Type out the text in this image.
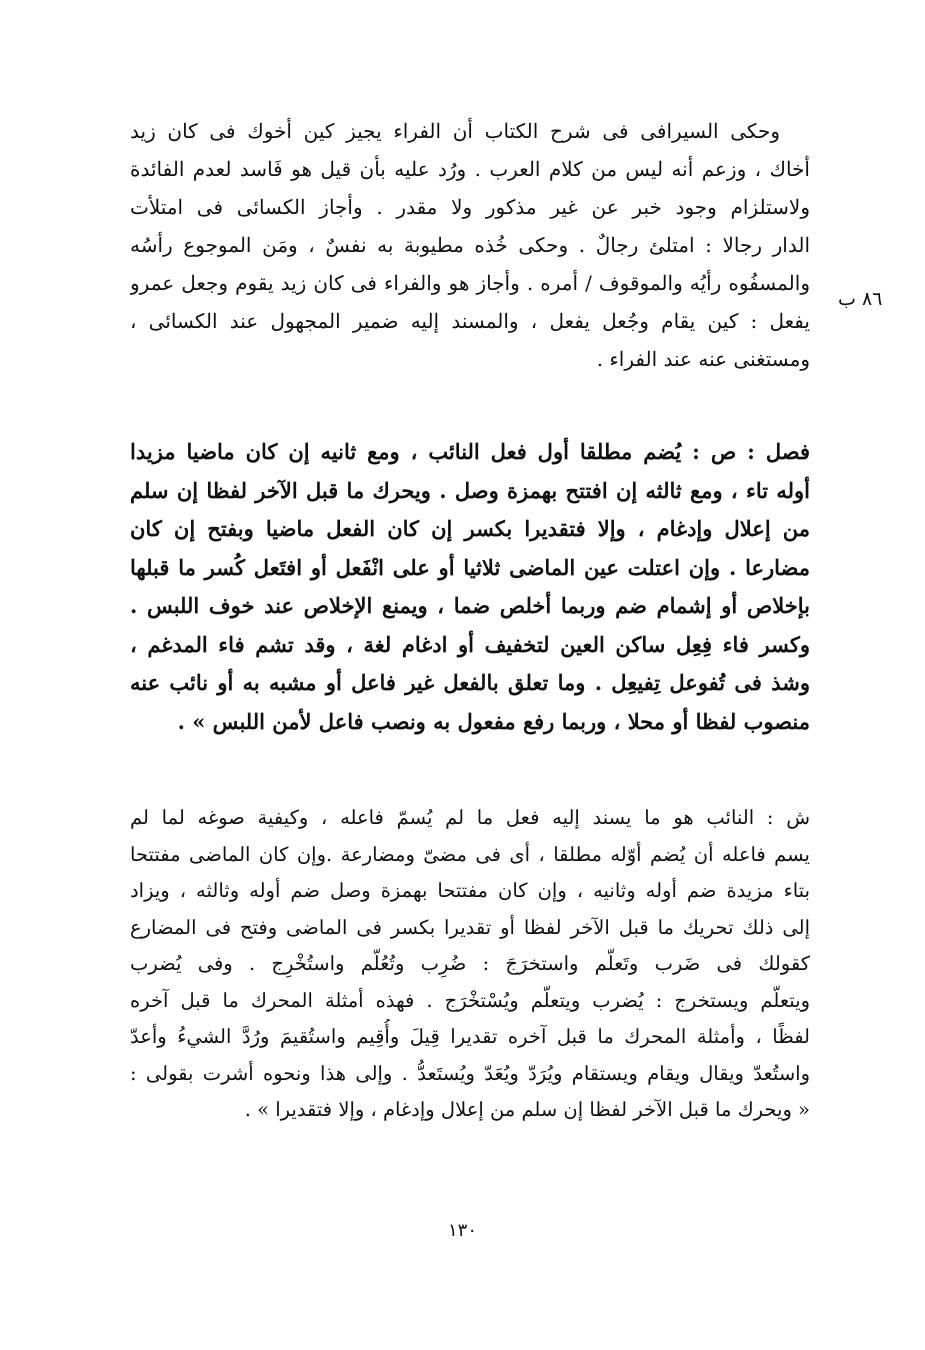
٨٦ ب
وحكى السيرافى فى شرح الكتاب أن الفراء يجيز كين أخوك فى كان زيد
أخاك ، وزعم أنه ليس من كلام العرب . ورُد عليه بأن قيل هو فَاسد لعدم الفائدة
ولاستلزام وجود خبر عن غير مذكور ولا مقدر . وأجاز الكسائى فى امتلأت
الدار رجالا : امتلئ رجالٌ . وحكى خُذه مطيوبة به نفسٌ ، ومَن الموجوع رأسُه
والمسفُوه رأيُه والموقوف / أمره . وأجاز هو والفراء فى كان زيد يقوم وجعل عمرو
يفعل : كين يقام وجُعل يفعل ، والمسند إليه ضمير المجهول عند الكسائى ،
ومستغنى عنه عند الفراء .
فصل : ص : يُضم مطلقا أول فعل النائب ، ومع ثانيه إن كان ماضيا مزيدا
أوله تاء ، ومع ثالثه إن افتتح بهمزة وصل . ويحرك ما قبل الآخر لفظا إن سلم
من إعلال وإدغام ، وإلا فتقديرا بكسر إن كان الفعل ماضيا وبفتح إن كان
مضارعا . وإن اعتلت عين الماضى ثلاثيا أو على انْفَعل أو افتَعل كُسر ما قبلها
بإخلاص أو إشمام ضم وربما أخلص ضما ، ويمنع الإخلاص عند خوف اللبس .
وكسر فاء فِعِل ساكن العين لتخفيف أو ادغام لغة ، وقد تشم فاء المدغم ،
وشذ فى تُفوعل تِفيعِل . وما تعلق بالفعل غير فاعل أو مشبه به أو نائب عنه
منصوب لفظا أو محلا ، وربما رفع مفعول به ونصب فاعل لأمن اللبس » .
ش : النائب هو ما يسند إليه فعل ما لم يُسمّ فاعله ، وكيفية صوغه لما لم
يسم فاعله أن يُضم أوّله مطلقا ، أى فى مضىّ ومضارعة .وإن كان الماضى مفتتحا
بتاء مزيدة ضم أوله وثانيه ، وإن كان مفتتحا بهمزة وصل ضم أوله وثالثه ، ويزاد
إلى ذلك تحريك ما قبل الآخر لفظا أو تقديرا بكسر فى الماضى وفتح فى المضارع
كقولك فى ضَرب وتَعلّم واستخرَجَ : ضُرِب وتُعُلّم واستُخْرِج . وفى يُضرب
ويتعلّم ويستخرج : يُضرب ويتعلّم ويُسْتخْرَج . فهذه أمثلة المحرك ما قبل آخره
لفظًا ، وأمثلة المحرك ما قبل آخره تقديرا قِيلَ وأُقِيم واستُقيمَ ورُدَّ الشيءُ وأعدّ
واستُعدّ ويقال ويقام ويستقام ويُرَدّ ويُعَدّ ويُستَعدُّ . وإلى هذا ونحوه أشرت بقولى :
« ويحرك ما قبل الآخر لفظا إن سلم من إعلال وإدغام ، وإلا فتقديرا » .
١٣٠
